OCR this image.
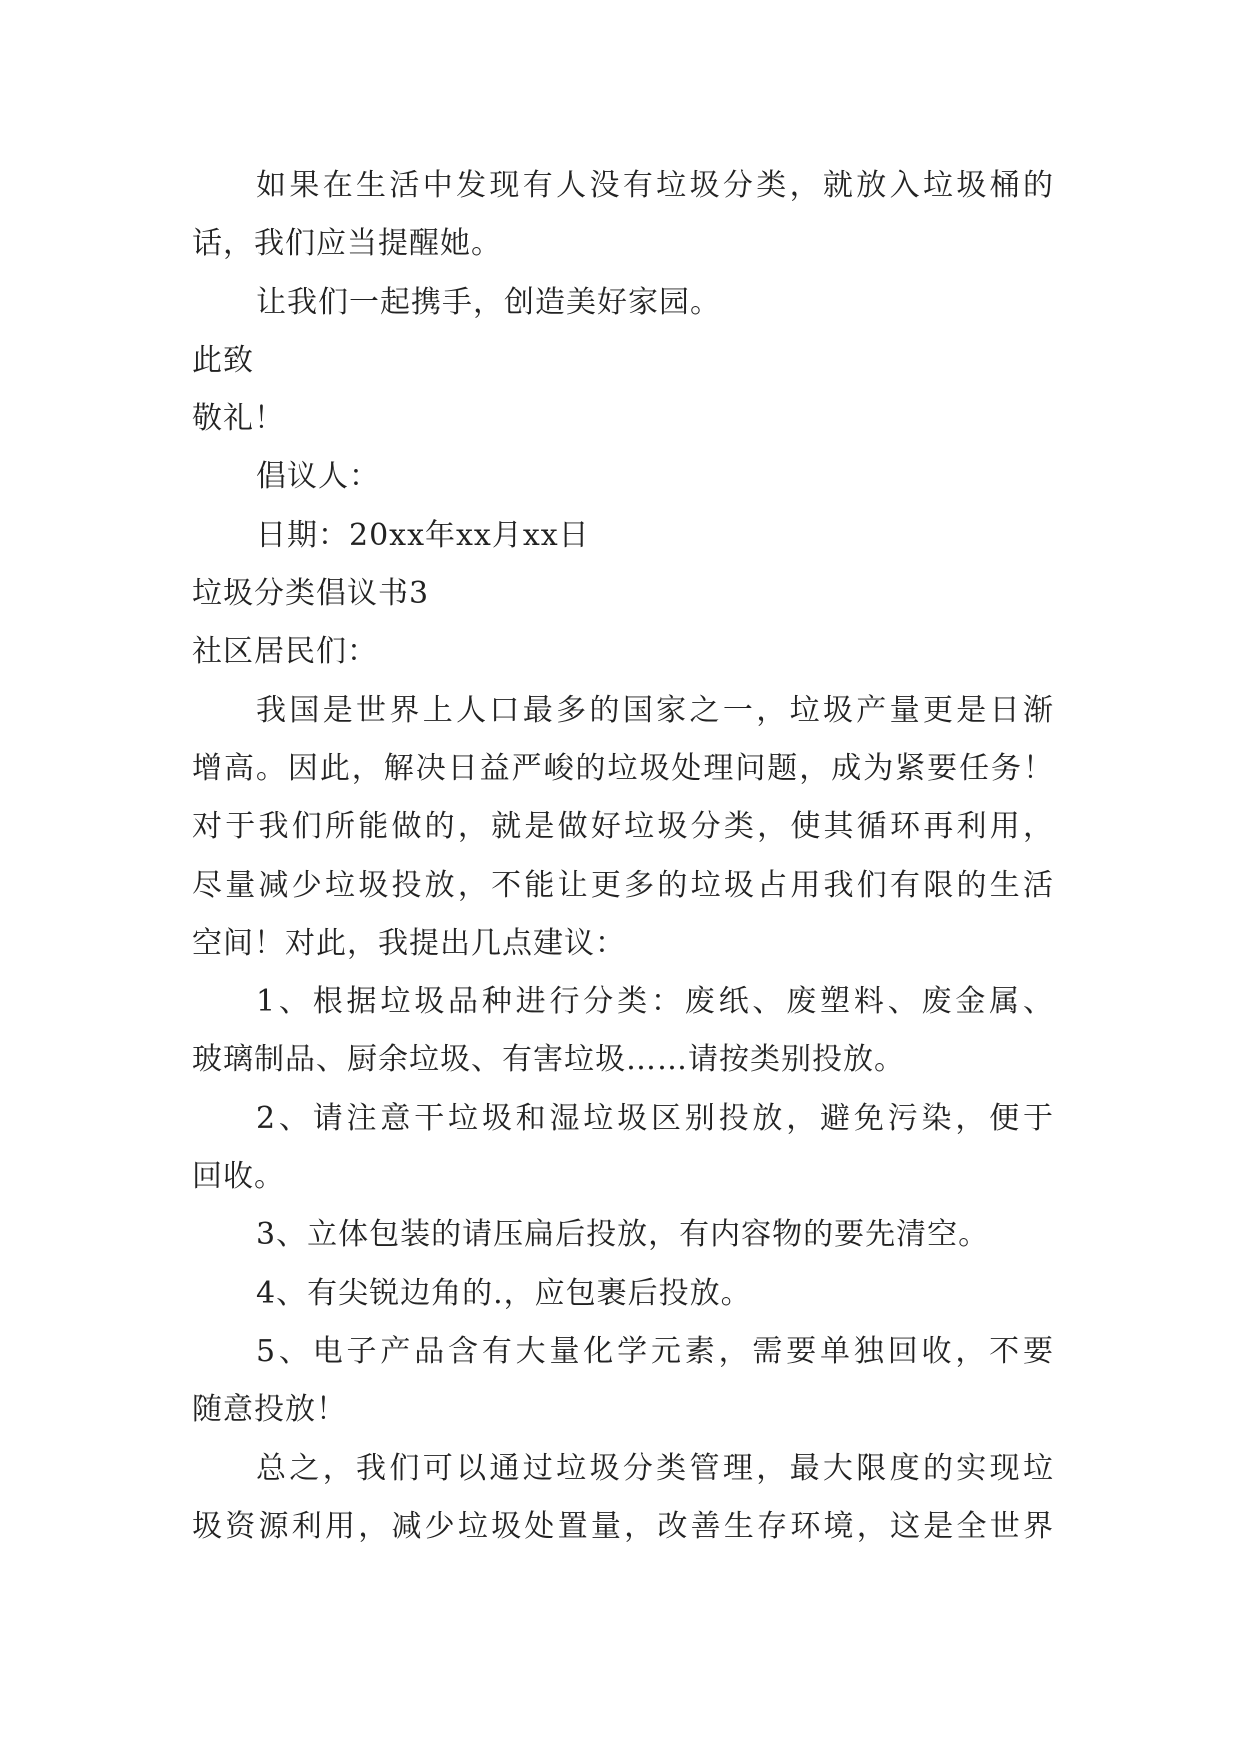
如果在生活中发现有人没有垃圾分类，就放入垃圾桶的
话，我们应当提醒她。
让我们一起携手，创造美好家园。
此致
敬礼！
倡议人：
日期：20xx年xx月xx日
垃圾分类倡议书3
社区居民们：
我国是世界上人口最多的国家之一，垃圾产量更是日渐
增高。因此，解决日益严峻的垃圾处理问题，成为紧要任务！
对于我们所能做的，就是做好垃圾分类，使其循环再利用，
尽量减少垃圾投放，不能让更多的垃圾占用我们有限的生活
空间！对此，我提出几点建议：
1、根据垃圾品种进行分类：废纸、废塑料、废金属、
玻璃制品、厨余垃圾、有害垃圾……请按类别投放。
2、请注意干垃圾和湿垃圾区别投放，避免污染，便于
回收。
3、立体包装的请压扁后投放，有内容物的要先清空。
4、有尖锐边角的.，应包裹后投放。
5、电子产品含有大量化学元素，需要单独回收，不要
随意投放！
总之，我们可以通过垃圾分类管理，最大限度的实现垃
圾资源利用，减少垃圾处置量，改善生存环境，这是全世界
